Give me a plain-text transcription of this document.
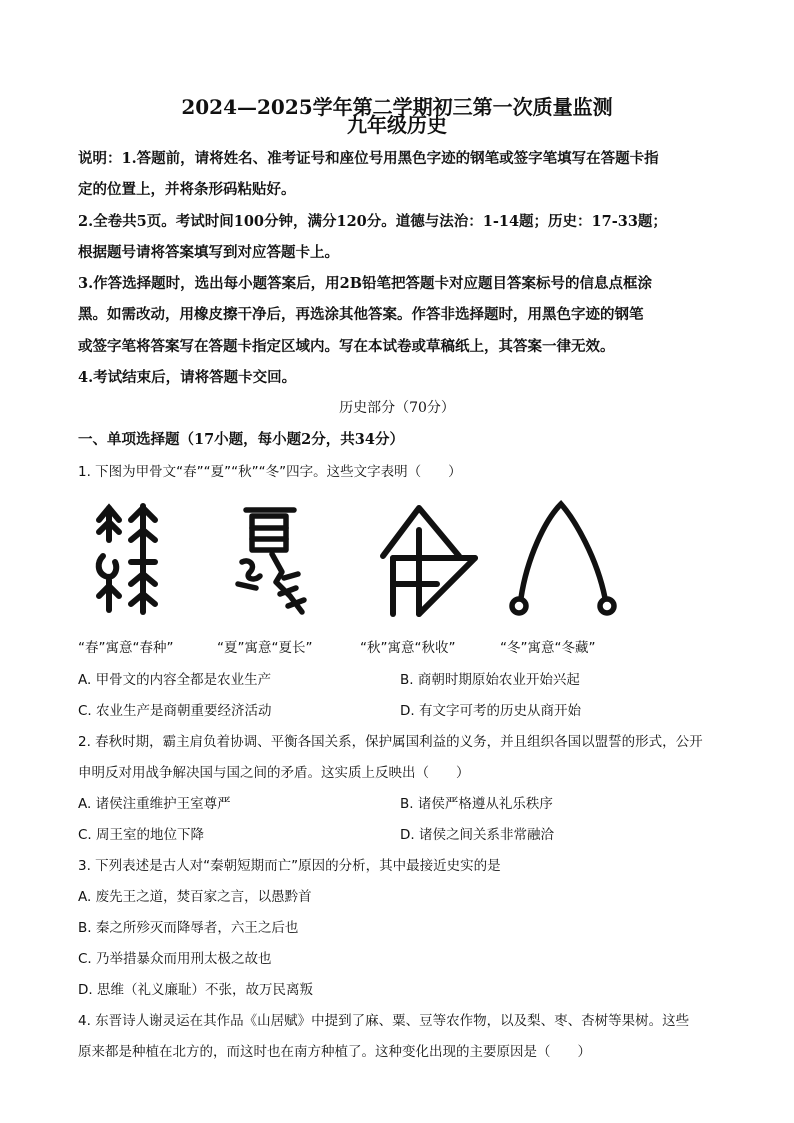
2024—2025学年第二学期初三第一次质量监测
九年级历史
说明：1.答题前，请将姓名、准考证号和座位号用黑色字迹的钢笔或签字笔填写在答题卡指
定的位置上，并将条形码粘贴好。
2.全卷共5页。考试时间100分钟，满分120分。道德与法治：1-14题；历史：17-33题；
根据题号请将答案填写到对应答题卡上。
3.作答选择题时，选出每小题答案后，用2B铅笔把答题卡对应题目答案标号的信息点框涂
黑。如需改动，用橡皮擦干净后，再选涂其他答案。作答非选择题时，用黑色字迹的钢笔
或签字笔将答案写在答题卡指定区域内。写在本试卷或草稿纸上，其答案一律无效。
4.考试结束后，请将答题卡交回。
历史部分（70分）
一、单项选择题（17小题，每小题2分，共34分）
1. 下图为甲骨文“春”“夏”“秋”“冬”四字。这些文字表明（　　）
“春”寓意“春种”	“夏”寓意“夏长”	“秋”寓意“秋收”	“冬”寓意“冬藏”
A. 甲骨文的内容全都是农业生产	B. 商朝时期原始农业开始兴起
C. 农业生产是商朝重要经济活动	D. 有文字可考的历史从商开始
2. 春秋时期，霸主肩负着协调、平衡各国关系，保护属国利益的义务，并且组织各国以盟誓的形式，公开
申明反对用战争解决国与国之间的矛盾。这实质上反映出（　　）
A. 诸侯注重维护王室尊严	B. 诸侯严格遵从礼乐秩序
C. 周王室的地位下降	D. 诸侯之间关系非常融洽
3. 下列表述是古人对“秦朝短期而亡”原因的分析，其中最接近史实的是
A. 废先王之道，焚百家之言，以愚黔首
B. 秦之所殄灭而降辱者，六王之后也
C. 乃举措暴众而用刑太极之故也
D. 思维（礼义廉耻）不张，故万民离叛
4. 东晋诗人谢灵运在其作品《山居赋》中提到了麻、粟、豆等农作物，以及梨、枣、杏树等果树。这些
原来都是种植在北方的，而这时也在南方种植了。这种变化出现的主要原因是（　　）
